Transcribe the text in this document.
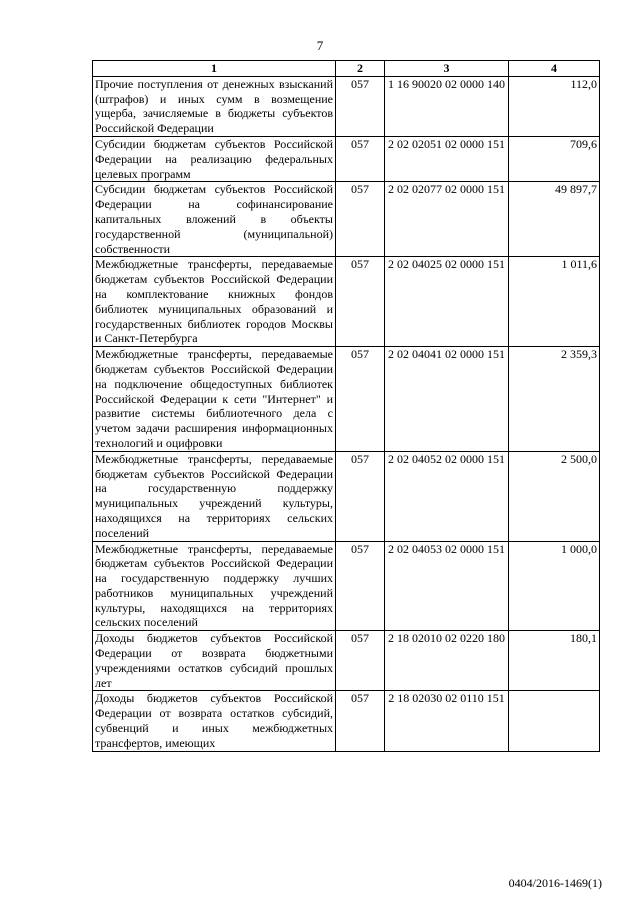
7
1	2	3	4
Прочие поступления от денежных взысканий (штрафов) и иных сумм в возмещение ущерба, зачисляемые в бюджеты субъектов Российской Федерации	057	1 16 90020 02 0000 140	112,0
Субсидии бюджетам субъектов Российской Федерации на реализацию федеральных целевых программ	057	2 02 02051 02 0000 151	709,6
Субсидии бюджетам субъектов Российской Федерации на софинансирование капитальных вложений в объекты государственной (муниципальной) собственности	057	2 02 02077 02 0000 151	49 897,7
Межбюджетные трансферты, передаваемые бюджетам субъектов Российской Федерации на комплектование книжных фондов библиотек муниципальных образований и государственных библиотек городов Москвы и Санкт-Петербурга	057	2 02 04025 02 0000 151	1 011,6
Межбюджетные трансферты, передаваемые бюджетам субъектов Российской Федерации на подключение общедоступных библиотек Российской Федерации к сети "Интернет" и развитие системы библиотечного дела с учетом задачи расширения информационных технологий и оцифровки	057	2 02 04041 02 0000 151	2 359,3
Межбюджетные трансферты, передаваемые бюджетам субъектов Российской Федерации на государственную поддержку муниципальных учреждений культуры, находящихся на территориях сельских поселений	057	2 02 04052 02 0000 151	2 500,0
Межбюджетные трансферты, передаваемые бюджетам субъектов Российской Федерации на государственную поддержку лучших работников муниципальных учреждений культуры, находящихся на территориях сельских поселений	057	2 02 04053 02 0000 151	1 000,0
Доходы бюджетов субъектов Российской Федерации от возврата бюджетными учреждениями остатков субсидий прошлых лет	057	2 18 02010 02 0220 180	180,1
Доходы бюджетов субъектов Российской Федерации от возврата остатков субсидий, субвенций и иных межбюджетных трансфертов, имеющих	057	2 18 02030 02 0110 151	
0404/2016-1469(1)
